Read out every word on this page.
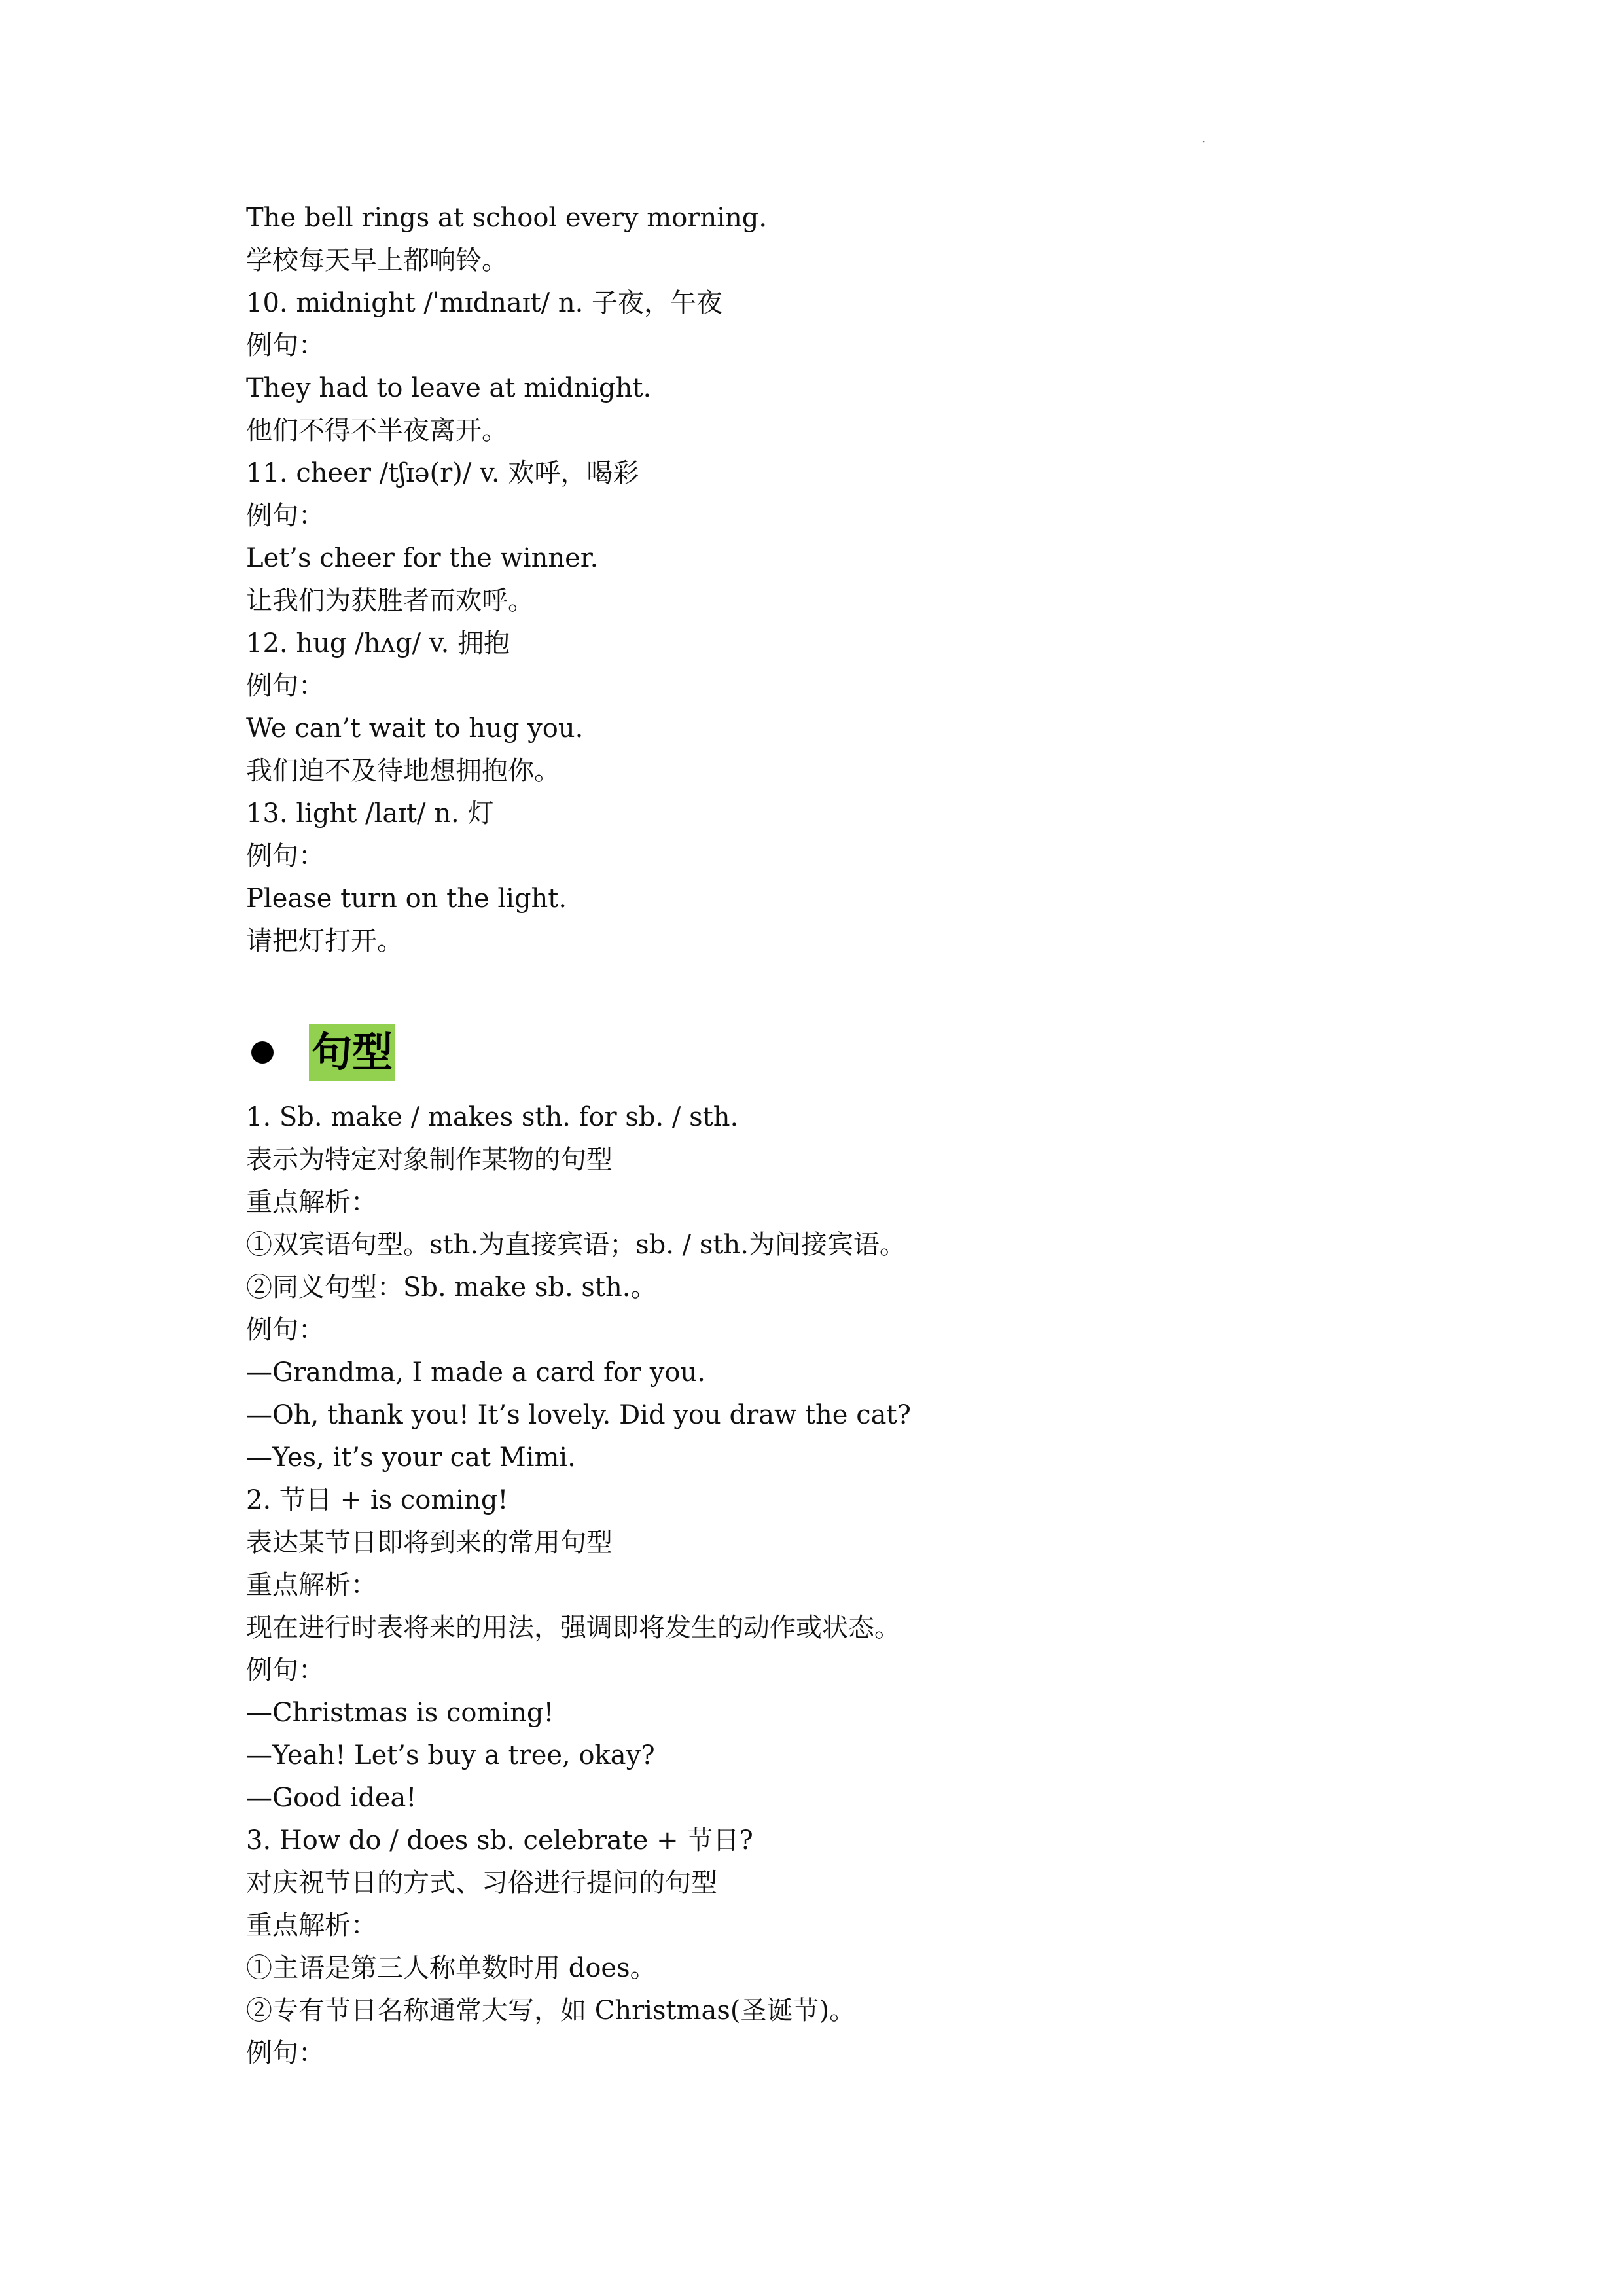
·
The bell rings at school every morning.
学校每天早上都响铃。
10. midnight /ˈmɪdnaɪt/ n. 子夜，午夜
例句：
They had to leave at midnight.
他们不得不半夜离开。
11. cheer /tʃɪə(r)/ v. 欢呼，喝彩
例句：
Let’s cheer for the winner.
让我们为获胜者而欢呼。
12. hug /hʌg/ v. 拥抱
例句：
We can’t wait to hug you.
我们迫不及待地想拥抱你。
13. light /laɪt/ n. 灯
例句：
Please turn on the light.
请把灯打开。
句型
1. Sb. make / makes sth. for sb. / sth.
表示为特定对象制作某物的句型
重点解析：
①双宾语句型。sth.为直接宾语；sb. / sth.为间接宾语。
②同义句型：Sb. make sb. sth.。
例句：
—Grandma, I made a card for you.
—Oh, thank you! It’s lovely. Did you draw the cat?
—Yes, it’s your cat Mimi.
2. 节日 + is coming!
表达某节日即将到来的常用句型
重点解析：
现在进行时表将来的用法，强调即将发生的动作或状态。
例句：
—Christmas is coming!
—Yeah! Let’s buy a tree, okay?
—Good idea!
3. How do / does sb. celebrate + 节日?
对庆祝节日的方式、习俗进行提问的句型
重点解析：
①主语是第三人称单数时用 does。
②专有节日名称通常大写，如 Christmas(圣诞节)。
例句：
